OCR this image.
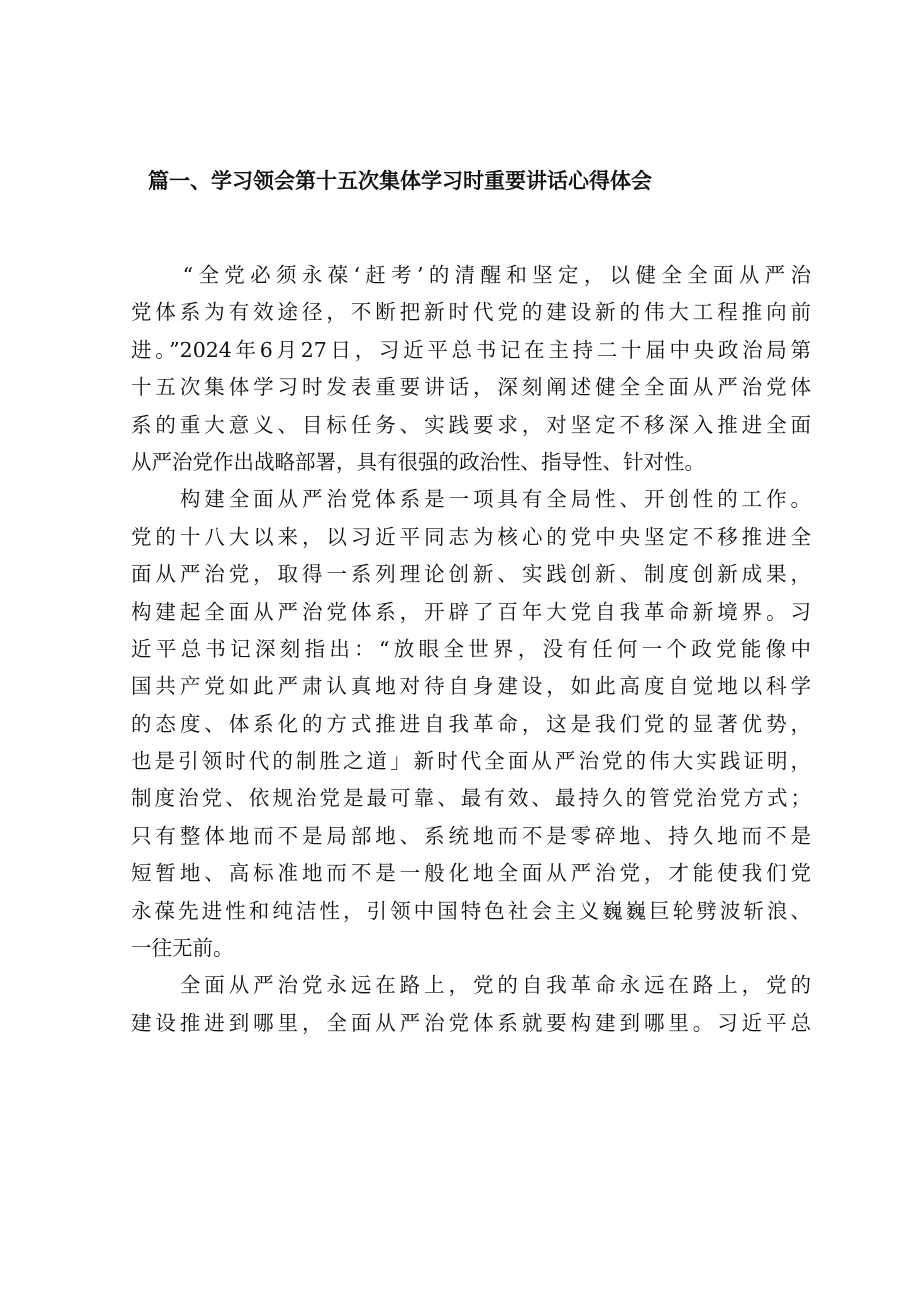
篇一、学习领会第十五次集体学习时重要讲话心得体会
　　“全党必须永葆‘赶考’的清醒和坚定，以健全全面从严治
党体系为有效途径，不断把新时代党的建设新的伟大工程推向前
进。”2024年6月27日，习近平总书记在主持二十届中央政治局第
十五次集体学习时发表重要讲话，深刻阐述健全全面从严治党体
系的重大意义、目标任务、实践要求，对坚定不移深入推进全面
从严治党作出战略部署，具有很强的政治性、指导性、针对性。
　　构建全面从严治党体系是一项具有全局性、开创性的工作。
党的十八大以来，以习近平同志为核心的党中央坚定不移推进全
面从严治党，取得一系列理论创新、实践创新、制度创新成果，
构建起全面从严治党体系，开辟了百年大党自我革命新境界。习
近平总书记深刻指出：“放眼全世界，没有任何一个政党能像中
国共产党如此严肃认真地对待自身建设，如此高度自觉地以科学
的态度、体系化的方式推进自我革命，这是我们党的显著优势，
也是引领时代的制胜之道」新时代全面从严治党的伟大实践证明，
制度治党、依规治党是最可靠、最有效、最持久的管党治党方式；
只有整体地而不是局部地、系统地而不是零碎地、持久地而不是
短暂地、高标准地而不是一般化地全面从严治党，才能使我们党
永葆先进性和纯洁性，引领中国特色社会主义巍巍巨轮劈波斩浪、
一往无前。
　　全面从严治党永远在路上，党的自我革命永远在路上，党的
建设推进到哪里，全面从严治党体系就要构建到哪里。习近平总
